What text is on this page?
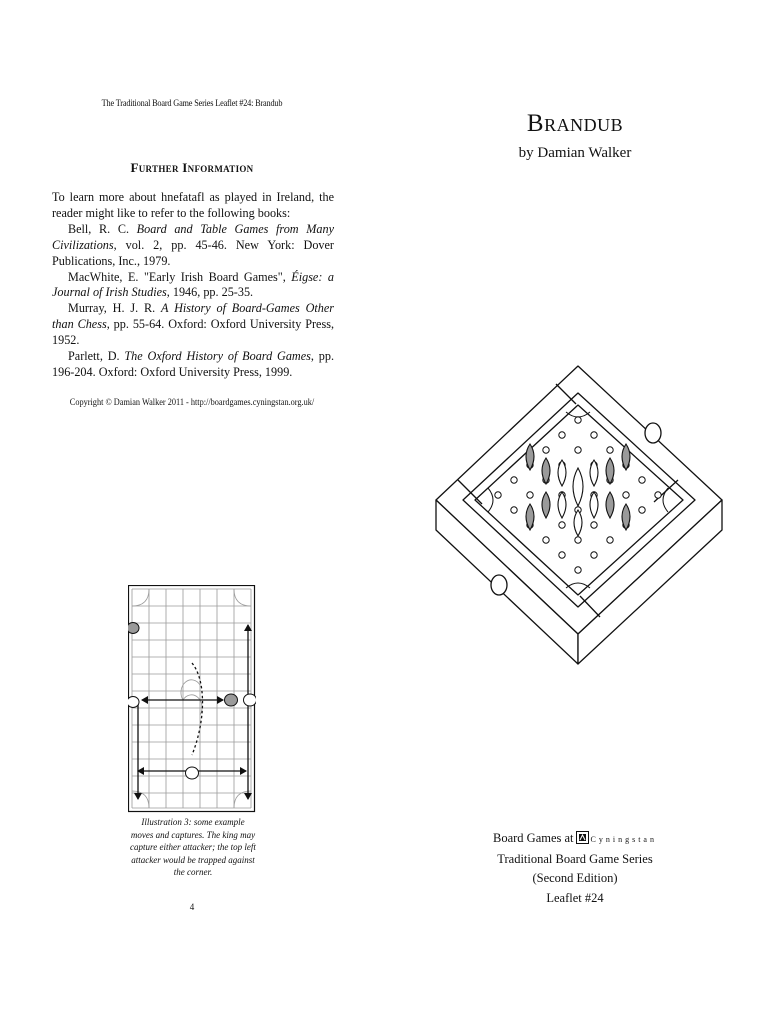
The Traditional Board Game Series Leaflet #24: Brandub
Further Information

To learn more about hnefatafl as played in Ireland, the reader might like to refer to the following books:

Bell, R. C. Board and Table Games from Many Civilizations, vol. 2, pp. 45-46. New York: Dover Publications, Inc., 1979.

MacWhite, E. "Early Irish Board Games", Éigse: a Journal of Irish Studies, 1946, pp. 25-35.

Murray, H. J. R. A History of Board-Games Other than Chess, pp. 55-64. Oxford: Oxford University Press, 1952.

Parlett, D. The Oxford History of Board Games, pp. 196-204. Oxford: Oxford University Press, 1999.

Copyright © Damian Walker 2011 - http://boardgames.cyningstan.org.uk/
Illustration 3: some example moves and captures. The king may capture either attacker; the top left attacker would be trapped against the corner.
4
Brandub
by Damian Walker
Board Games at Cyningstan
Traditional Board Game Series
(Second Edition)
Leaflet #24
